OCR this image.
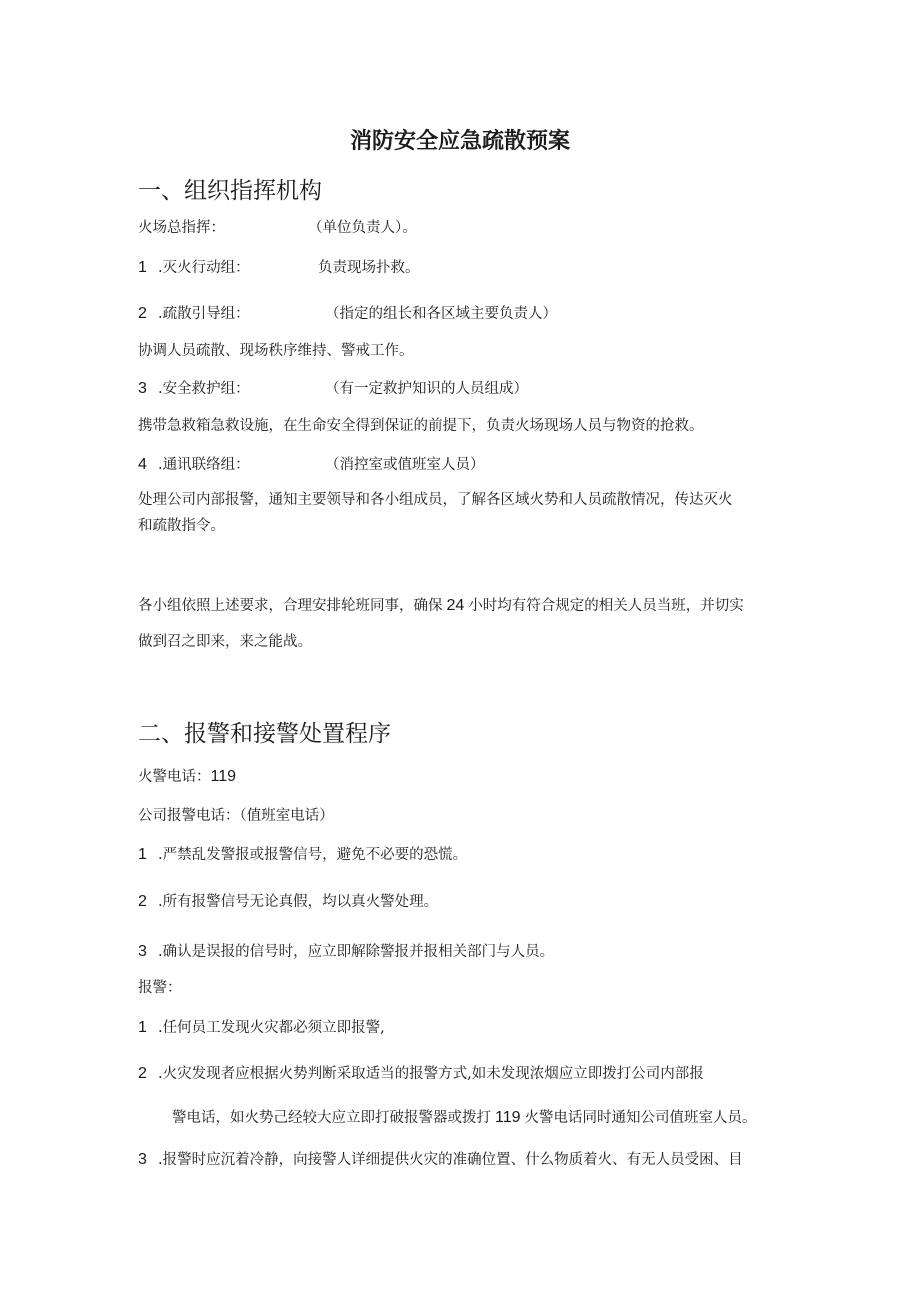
消防安全应急疏散预案
一、组织指挥机构
火场总指挥：	（单位负责人）。
1 .灭火行动组：	负责现场扑救。
2 .疏散引导组：	（指定的组长和各区域主要负责人）
协调人员疏散、现场秩序维持、警戒工作。
3 .安全救护组：	（有一定救护知识的人员组成）
携带急救箱急救设施，在生命安全得到保证的前提下，负责火场现场人员与物资的抢救。
4 .通讯联络组：	（消控室或值班室人员）
处理公司内部报警，通知主要领导和各小组成员，了解各区域火势和人员疏散情况，传达灭火
和疏散指令。
各小组依照上述要求，合理安排轮班同事，确保 24 小时均有符合规定的相关人员当班，并切实
做到召之即来，来之能战。
二、报警和接警处置程序
火警电话：119
公司报警电话：（值班室电话）
1 .严禁乱发警报或报警信号，避免不必要的恐慌。
2 .所有报警信号无论真假，均以真火警处理。
3 .确认是误报的信号时，应立即解除警报并报相关部门与人员。
报警：
1 .任何员工发现火灾都必须立即报警,
2 .火灾发现者应根据火势判断采取适当的报警方式,如未发现浓烟应立即拨打公司内部报
警电话，如火势己经较大应立即打破报警器或拨打 119 火警电话同时通知公司值班室人员。
3 .报警时应沉着冷静，向接警人详细提供火灾的准确位置、什么物质着火、有无人员受困、目
